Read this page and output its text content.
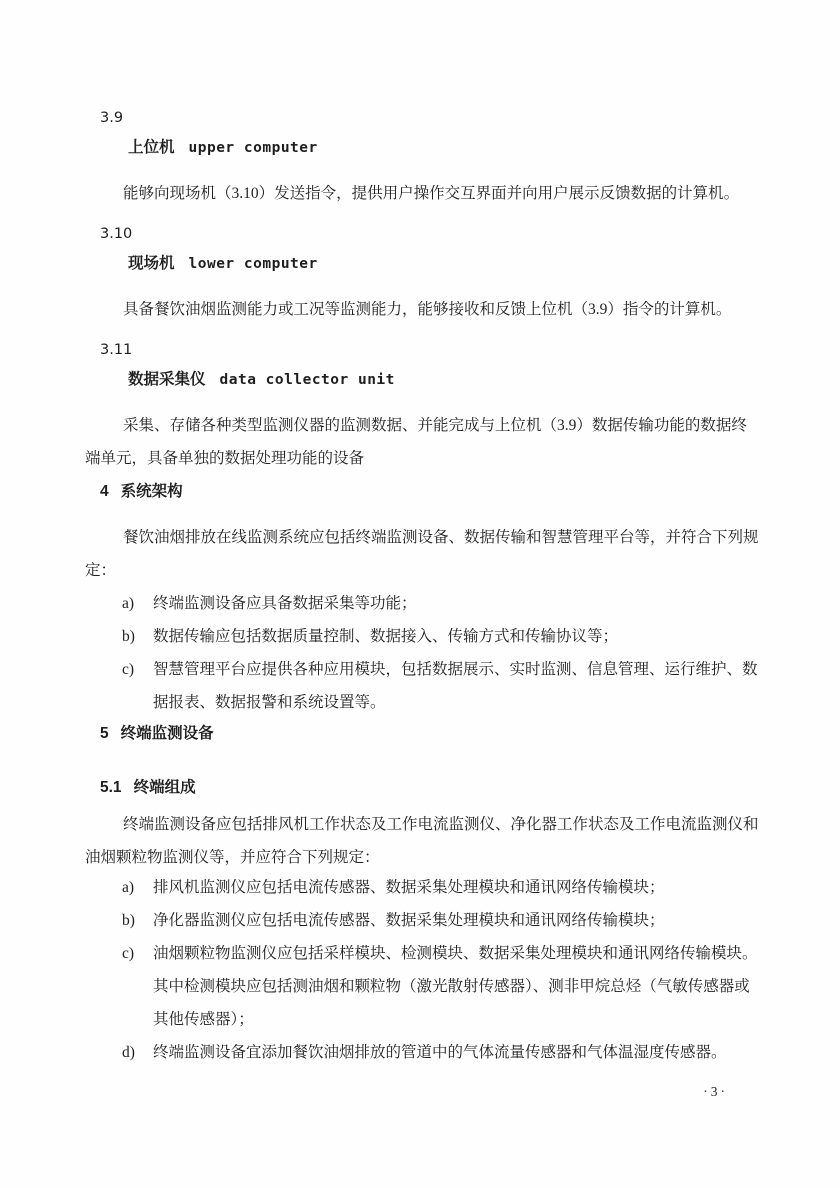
3.9

上位机 upper computer

能够向现场机（3.10）发送指令，提供用户操作交互界面并向用户展示反馈数据的计算机。

3.10

现场机 lower computer

具备餐饮油烟监测能力或工况等监测能力，能够接收和反馈上位机（3.9）指令的计算机。

3.11

数据采集仪 data collector unit

采集、存储各种类型监测仪器的监测数据、并能完成与上位机（3.9）数据传输功能的数据终端单元，具备单独的数据处理功能的设备

4 系统架构

餐饮油烟排放在线监测系统应包括终端监测设备、数据传输和智慧管理平台等，并符合下列规定：

a) 终端监测设备应具备数据采集等功能；
b) 数据传输应包括数据质量控制、数据接入、传输方式和传输协议等；
c) 智慧管理平台应提供各种应用模块，包括数据展示、实时监测、信息管理、运行维护、数据报表、数据报警和系统设置等。
5 终端监测设备
5.1 终端组成

终端监测设备应包括排风机工作状态及工作电流监测仪、净化器工作状态及工作电流监测仪和油烟颗粒物监测仪等，并应符合下列规定：

a) 排风机监测仪应包括电流传感器、数据采集处理模块和通讯网络传输模块；
b) 净化器监测仪应包括电流传感器、数据采集处理模块和通讯网络传输模块；
c) 油烟颗粒物监测仪应包括采样模块、检测模块、数据采集处理模块和通讯网络传输模块。其中检测模块应包括测油烟和颗粒物（激光散射传感器）、测非甲烷总烃（气敏传感器或其他传感器）；
d) 终端监测设备宜添加餐饮油烟排放的管道中的气体流量传感器和气体温湿度传感器。
·3·
